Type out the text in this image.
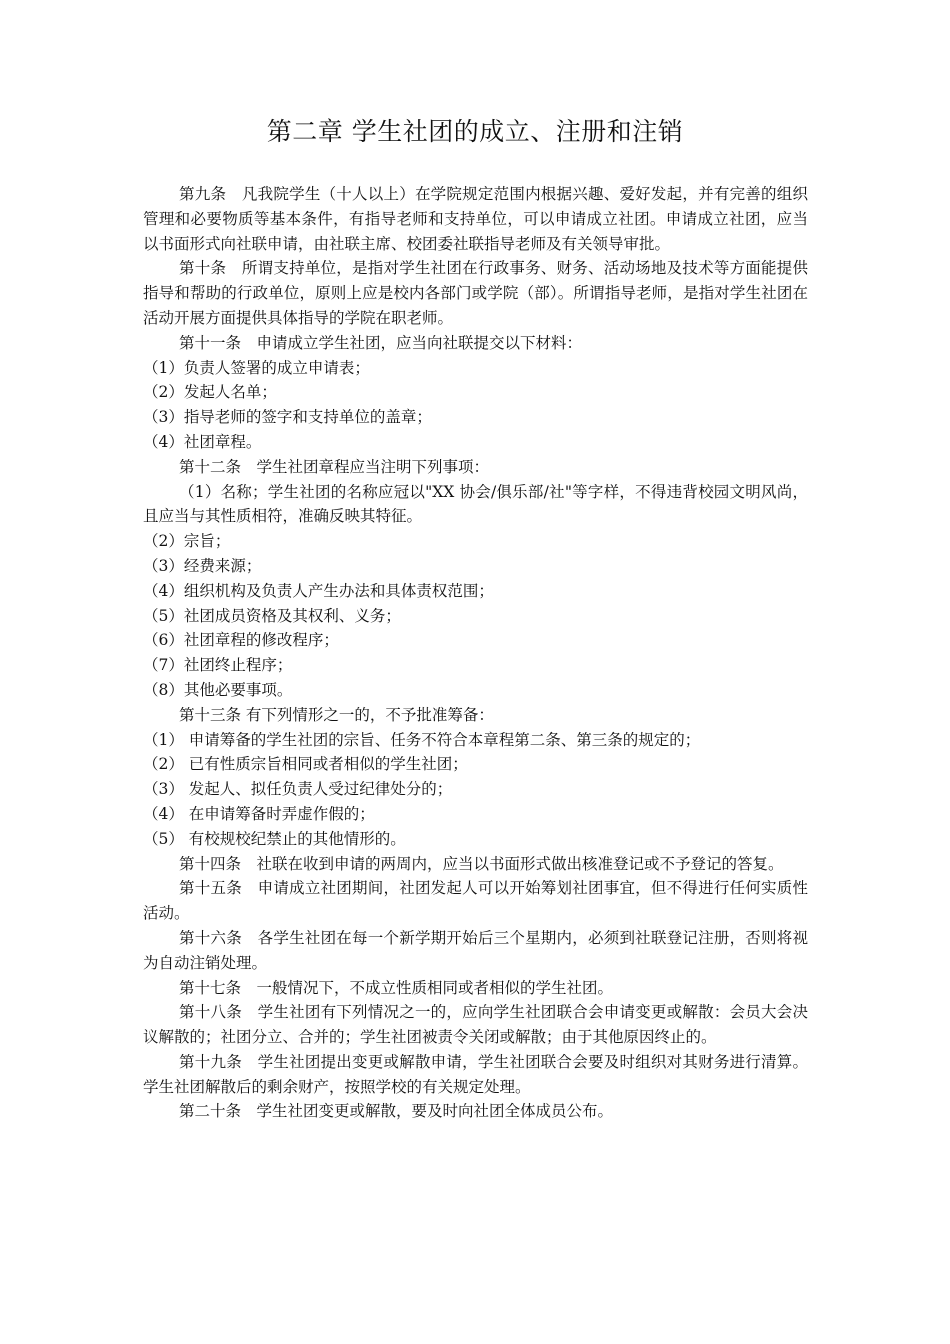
第二章 学生社团的成立、注册和注销

第九条　凡我院学生（十人以上）在学院规定范围内根据兴趣、爱好发起，并有完善的组织管理和必要物质等基本条件，有指导老师和支持单位，可以申请成立社团。申请成立社团，应当以书面形式向社联申请，由社联主席、校团委社联指导老师及有关领导审批。

第十条　所谓支持单位，是指对学生社团在行政事务、财务、活动场地及技术等方面能提供指导和帮助的行政单位，原则上应是校内各部门或学院（部）。所谓指导老师，是指对学生社团在活动开展方面提供具体指导的学院在职老师。

第十一条　申请成立学生社团，应当向社联提交以下材料：

（1）负责人签署的成立申请表；

（2）发起人名单；

（3）指导老师的签字和支持单位的盖章；

（4）社团章程。

第十二条　学生社团章程应当注明下列事项：

（1）名称；学生社团的名称应冠以"XX 协会/俱乐部/社"等字样，不得违背校园文明风尚，且应当与其性质相符，准确反映其特征。

（2）宗旨；

（3）经费来源；

（4）组织机构及负责人产生办法和具体责权范围；

（5）社团成员资格及其权利、义务；

（6）社团章程的修改程序；

（7）社团终止程序；

（8）其他必要事项。

第十三条 有下列情形之一的，不予批准筹备：

（1） 申请筹备的学生社团的宗旨、任务不符合本章程第二条、第三条的规定的；

（2） 已有性质宗旨相同或者相似的学生社团；

（3） 发起人、拟任负责人受过纪律处分的；

（4） 在申请筹备时弄虚作假的；

（5） 有校规校纪禁止的其他情形的。

第十四条　社联在收到申请的两周内，应当以书面形式做出核准登记或不予登记的答复。

第十五条　申请成立社团期间，社团发起人可以开始筹划社团事宜，但不得进行任何实质性活动。

第十六条　各学生社团在每一个新学期开始后三个星期内，必须到社联登记注册，否则将视为自动注销处理。

第十七条　一般情况下，不成立性质相同或者相似的学生社团。

第十八条　学生社团有下列情况之一的，应向学生社团联合会申请变更或解散：会员大会决议解散的；社团分立、合并的；学生社团被责令关闭或解散；由于其他原因终止的。

第十九条　学生社团提出变更或解散申请，学生社团联合会要及时组织对其财务进行清算。学生社团解散后的剩余财产，按照学校的有关规定处理。

第二十条　学生社团变更或解散，要及时向社团全体成员公布。
